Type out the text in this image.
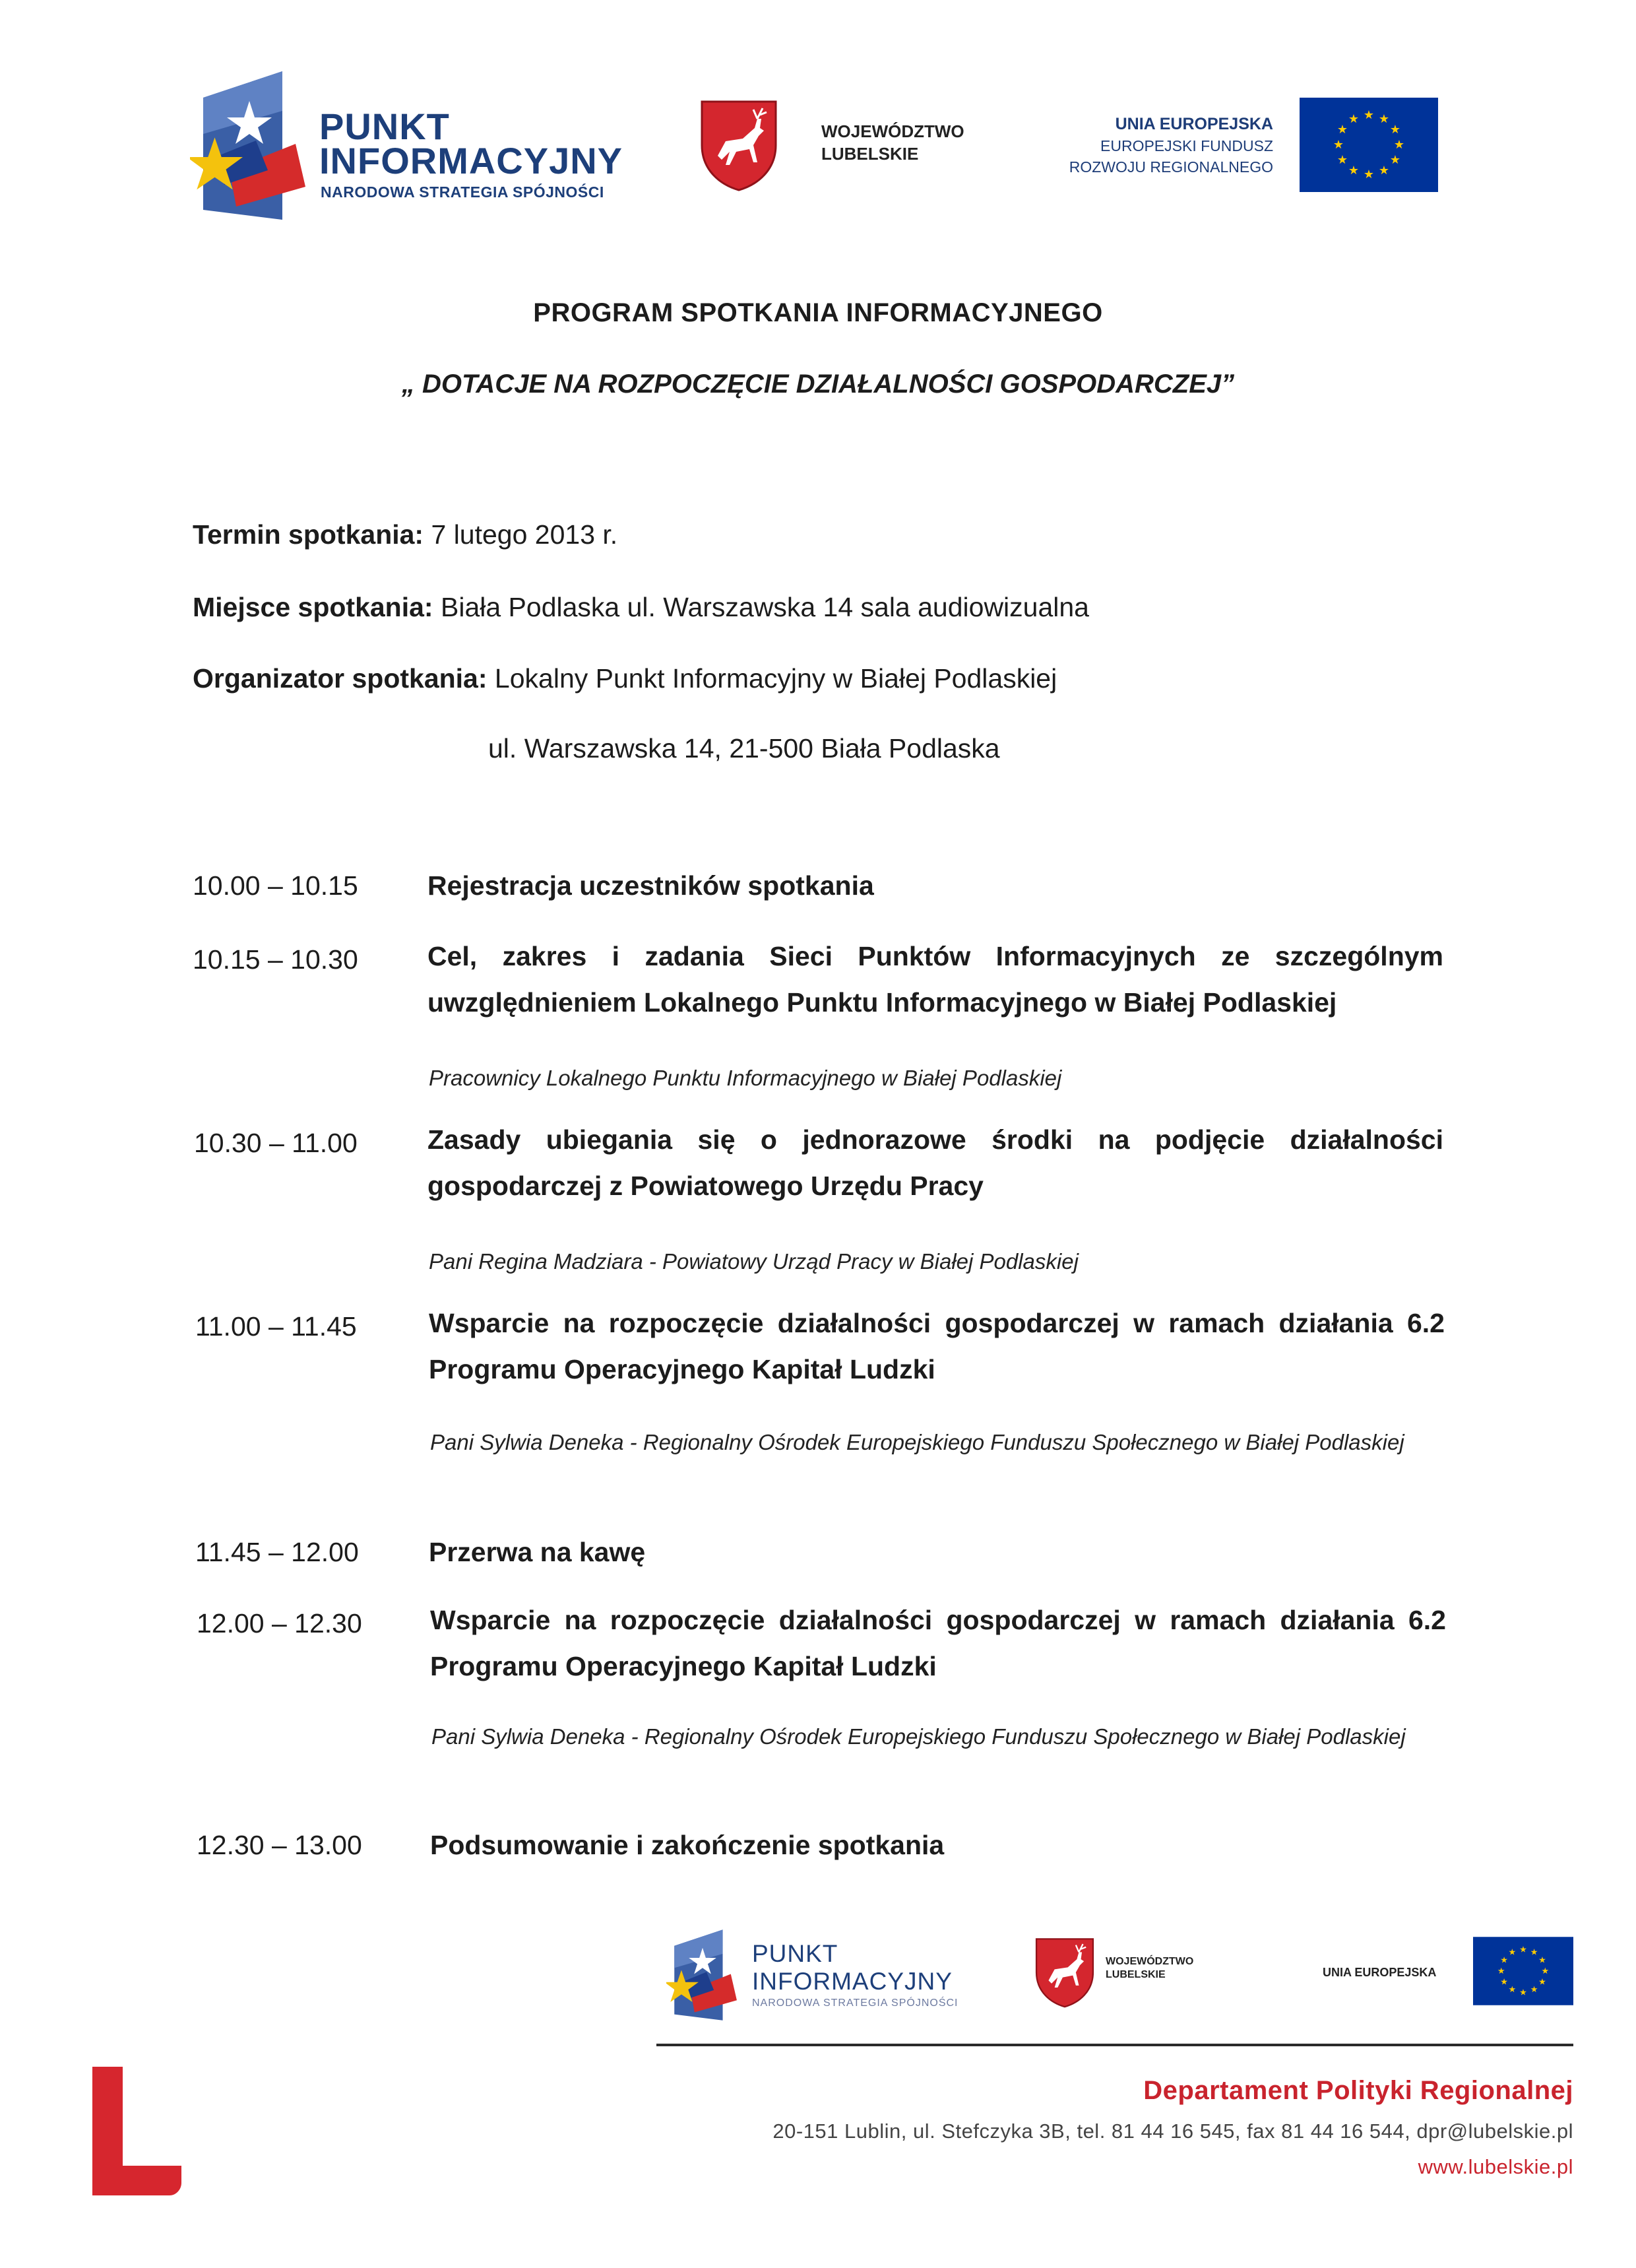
PUNKT
INFORMACYJNY
NARODOWA STRATEGIA SPÓJNOŚCI
WOJEWÓDZTWO
LUBELSKIE
UNIA EUROPEJSKA
EUROPEJSKI FUNDUSZ
ROZWOJU REGIONALNEGO
★ ★
★
★
★
★
★
★
★
★
★
★
PROGRAM SPOTKANIA INFORMACYJNEGO
„ DOTACJE NA ROZPOCZĘCIE DZIAŁALNOŚCI GOSPODARCZEJ”
Termin spotkania: 7 lutego 2013 r.
Miejsce spotkania: Biała Podlaska ul. Warszawska 14 sala audiowizualna
Organizator spotkania: Lokalny Punkt Informacyjny w Białej Podlaskiej
ul. Warszawska 14, 21-500 Biała Podlaska
10.00 – 10.15	Rejestracja uczestników spotkania
10.15 – 10.30	Cel, zakres i zadania Sieci Punktów Informacyjnych ze szczególnym uwzględnieniem Lokalnego Punktu Informacyjnego w Białej Podlaskiej
Pracownicy Lokalnego Punktu Informacyjnego w Białej Podlaskiej
10.30 – 11.00	Zasady ubiegania się o jednorazowe środki na podjęcie działalności gospodarczej z Powiatowego Urzędu Pracy
Pani Regina Madziara - Powiatowy Urząd Pracy w Białej Podlaskiej
11.00 – 11.45	Wsparcie na rozpoczęcie działalności gospodarczej w ramach działania 6.2 Programu Operacyjnego Kapitał Ludzki
Pani Sylwia Deneka - Regionalny Ośrodek Europejskiego Funduszu Społecznego w Białej Podlaskiej
11.45 – 12.00	Przerwa na kawę
12.00 – 12.30	Wsparcie na rozpoczęcie działalności gospodarczej w ramach działania 6.2 Programu Operacyjnego Kapitał Ludzki
Pani Sylwia Deneka - Regionalny Ośrodek Europejskiego Funduszu Społecznego w Białej Podlaskiej
12.30 – 13.00	Podsumowanie i zakończenie spotkania
PUNKT
INFORMACYJNY
NARODOWA STRATEGIA SPÓJNOŚCI
WOJEWÓDZTWO
LUBELSKIE	UNIA EUROPEJSKA
★ ★
★
★
★
★
★
★
★
★
★
★
Departament Polityki Regionalnej
20-151 Lublin, ul. Stefczyka 3B, tel. 81 44 16 545, fax 81 44 16 544, dpr@lubelskie.pl
www.lubelskie.pl
